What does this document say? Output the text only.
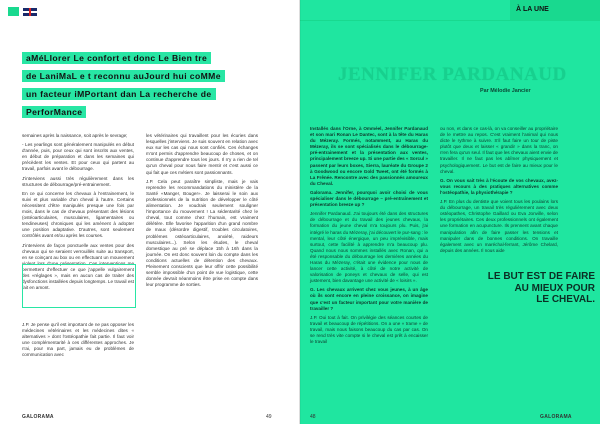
aMéLIorer Le confort et donc Le Bien tre
de LaniMaL e t reconnu auJourd hui coMMe
un facteur iMPortant dan La recherche de
PerforMance

semaines après la naissance, soit après le sevrage;

- Les yearlings sont généralement manipulés en début d'année, puis, pour ceux qui sont inscrits aux ventes, en début de préparation et dans les semaines qui précèdent les ventes. Et pour ceux qui partent au travail, parfois avant le débourrage.

J'interviens aussi très régulièrement dans les structures de débourrage/pré-entrainement.

En ce qui concerne les chevaux à l'entrainement, le suivi et plus variable d'un cheval à l'autre. Certains nécessitent d'être manipulés presque une fois par mois, dans le cas de chevaux présentant des lésions (ostéoarticulaires, musculaires, ligamentaires ou tendineuses) chroniques qui les amènent à adopter une position adaptative. D'autres, sont seulement contrôlés avant et/ou après les courses.

J'interviens de façon ponctuelle aux ventes pour des chevaux qui se seraient verrouillés suite au transport, en se coinçant au box ou en effectuant un mouvement violent lors d'une présentation. Ces interventions me permettent d'effectuer ce que j'appelle vulgairement des «réglages », mais en aucun cas de traiter des dysfonctions installées depuis longtemps. Le travail est fait en amont.

J.P. Je pense qu'il est important de ne pas opposer les médecines vétérinaires et les médecines dites « alternatives » dont l'ostéopathie fait partie. Il faut voir une complémentarité à ces différentes approches. Je n'ai, pour ma part, jamais eu de problèmes de communication avec

les vétérinaires qui travaillent pour les écuries dans lesquelles j'interviens. Je suis souvent en relation avec eux sur les cas qui nous sont confiés. Ces échanges m'ont permis d'apprendre beaucoup de choses, et on continue d'apprendre tous les jours. Il n'y a rien de tel qu'un cheval pour nous faire mentir et c'est aussi ce qui fait que ces métiers sont passionnants.

J.P. Cela peut paraître simpliste, mais je vais reprendre les recommandations du ministère de la Santé «Manger, Bouger». Je laisserai le soin aux professionnels de la nutrition de développer le côté alimentation. Je voudrais seulement souligner l'importance du mouvement ! La sédentarité chez le cheval, tout comme chez l'humain, est vraiment délétère. Elle favorise l'apparition d'un grand nombre de maux (désordre digestif, troubles circulatoires, problèmes ostéoarticulaires, anxiété, raideurs musculaires...). Selon les études, le cheval domestique au pré se déplace 15h à 16h dans la journée. On est donc souvent loin du compte dans les conditions actuelles de détention des chevaux. Pleinement conscients que leur offrir cette possibilité semble impossible d'un point de vue logistique, cette donnée devrait néanmoins être prise en compte dans leur programme de sorties.

GALORAMA	49
À LA UNE
JENNIFER PARDANAUD
Par Mélodie Jancier

Installés dans l'Orne, à Omméel, Jennifer Pardanaud et son mari Ronan Le Dantec, sont à la tête du Haras du Mézeray. Formés, notamment, au Haras du Mézeray, ils se sont spécialisés dans le débourrage-pré-entrainement et la présentation aux ventes, principalement breeze up. Si une partie des « Sorcul » passent par leurs boxes, Sierra, lauréate du Groupe 2 à Goodwood ou encore Gold Tweet, ont été formés à La Frênée. Rencontre avec des passionnés amoureux du Cheval.

Galorama. Jennifer, pourquoi avoir choisi de vous spécialiser dans le débourrage – pré-entraînement et présentation breeze up ?

Jennifer Pardanaud. J'ai toujours été dans des structures de débourrage et du travail des jeunes chevaux, la formation du jeune cheval m'a toujours plu. Puis, j'ai intégré le haras du Mézeray, j'ai découvert le pur-sang : le mental, leur côté énergique, un peu imprévisible, mais surtout, cette facilité à apprendre m'a beaucoup plu. Quand nous nous sommes installés avec Ronan, qui a été responsable du débourrage les dernières années du Haras du Mézeray, c'était une évidence pour nous de lancer cette activité, à côté de notre activité de valorisation de poneys et chevaux de selle, qui est justement, bien davantage une activité de « loisirs ».

G. Les chevaux arrivent chez vous jeunes, à un âge où ils sont encore en pleine croissance, on imagine que c'est un facteur important pour votre manière de travailler ?

J.P. Oui tout à fait. On privilégie des séances courtes de travail et beaucoup de répétitions. On a une « trame » de travail, mais nous faisons beaucoup du cas par cas. On se rend très vite compte si le cheval est prêt à encaisser le travail

ou non, et dans ce cas-là, on va conseiller au propriétaire de le mettre au repos. C'est vraiment l'animal qui nous dicte le rythme à suivre. S'il faut faire un tour de piste plutôt que deux et laisser « grandir » dans la tranc, on n'en fera qu'un seul. Il faut que les chevaux aient envie de travailler. Il ne faut pas les abîmer physiquement et psychologiquement. Le but est de faire au mieux pour le cheval.

G. On vous sait très à l'écoute de vos chevaux, avez-vous recours à des pratiques alternatives comme l'ostéopathie, la physiothérapie ?

J.P. En plus du dentiste que voient tous les poulains lors du débourrage, un travail très régulièrement avec deux ostéopathes, Christophe Gaillard ou Eva Jonville, selon les propriétaires. Ces deux professionnels ont également une formation en acupuncture. Ils prennent avant chaque manipulation afin de faire passer les tensions et manipuler dans de bonnes conditions. On travaille également avec un maréchal-ferrant, Jérôme Chelard, depuis des années. Il nous aide

LE BUT EST DE FAIRE
AU MIEUX POUR
LE CHEVAL.
48	GALORAMA
